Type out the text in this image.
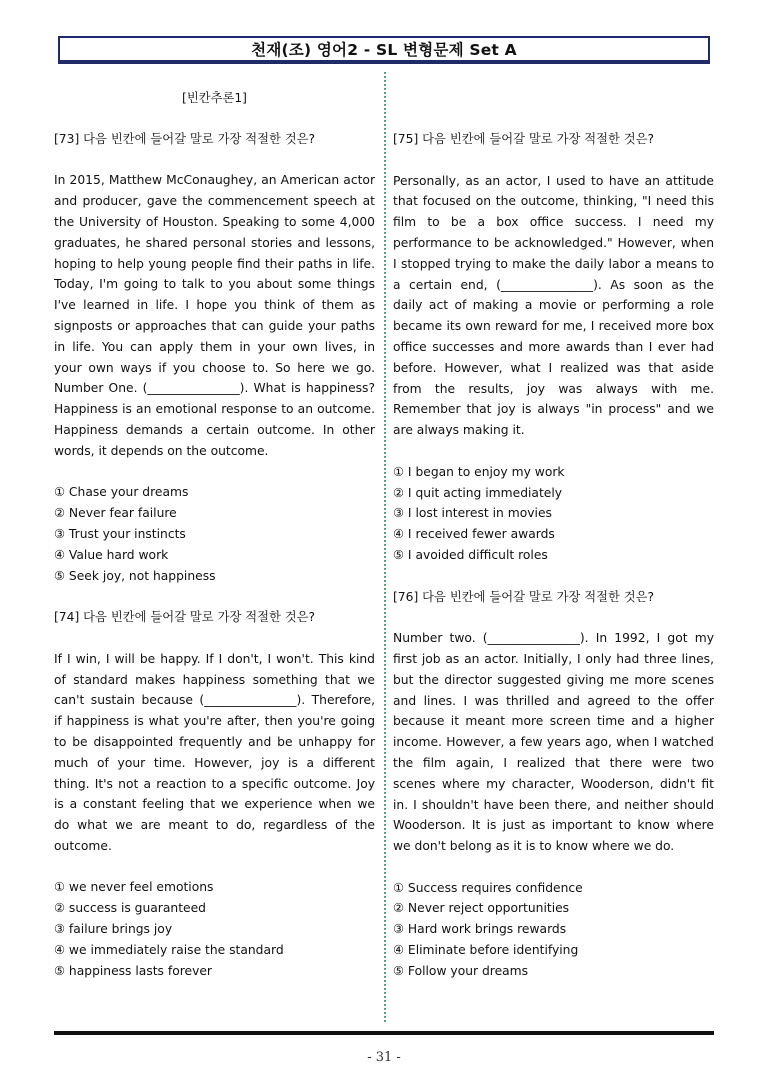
천재(조) 영어2 - SL 변형문제 Set A
[빈칸추론1]
[73] 다음 빈칸에 들어갈 말로 가장 적절한 것은?
In 2015, Matthew McConaughey, an American actor and producer, gave the commencement speech at the University of Houston. Speaking to some 4,000 graduates, he shared personal stories and lessons, hoping to help young people find their paths in life. Today, I'm going to talk to you about some things I've learned in life. I hope you think of them as signposts or approaches that can guide your paths in life. You can apply them in your own lives, in your own ways if you choose to. So here we go. Number One. (_______________). What is happiness? Happiness is an emotional response to an outcome. Happiness demands a certain outcome. In other words, it depends on the outcome.
① Chase your dreams
② Never fear failure
③ Trust your instincts
④ Value hard work
⑤ Seek joy, not happiness
[74] 다음 빈칸에 들어갈 말로 가장 적절한 것은?
If I win, I will be happy. If I don't, I won't. This kind of standard makes happiness something that we can't sustain because (_______________). Therefore, if happiness is what you're after, then you're going to be disappointed frequently and be unhappy for much of your time. However, joy is a different thing. It's not a reaction to a specific outcome. Joy is a constant feeling that we experience when we do what we are meant to do, regardless of the outcome.
① we never feel emotions
② success is guaranteed
③ failure brings joy
④ we immediately raise the standard
⑤ happiness lasts forever
[75] 다음 빈칸에 들어갈 말로 가장 적절한 것은?
Personally, as an actor, I used to have an attitude that focused on the outcome, thinking, "I need this film to be a box office success. I need my performance to be acknowledged." However, when I stopped trying to make the daily labor a means to a certain end, (_______________). As soon as the daily act of making a movie or performing a role became its own reward for me, I received more box office successes and more awards than I ever had before. However, what I realized was that aside from the results, joy was always with me. Remember that joy is always "in process" and we are always making it.
① I began to enjoy my work
② I quit acting immediately
③ I lost interest in movies
④ I received fewer awards
⑤ I avoided difficult roles
[76] 다음 빈칸에 들어갈 말로 가장 적절한 것은?
Number two. (_______________). In 1992, I got my first job as an actor. Initially, I only had three lines, but the director suggested giving me more scenes and lines. I was thrilled and agreed to the offer because it meant more screen time and a higher income. However, a few years ago, when I watched the film again, I realized that there were two scenes where my character, Wooderson, didn't fit in. I shouldn't have been there, and neither should Wooderson. It is just as important to know where we don't belong as it is to know where we do.
① Success requires confidence
② Never reject opportunities
③ Hard work brings rewards
④ Eliminate before identifying
⑤ Follow your dreams
- 31 -
